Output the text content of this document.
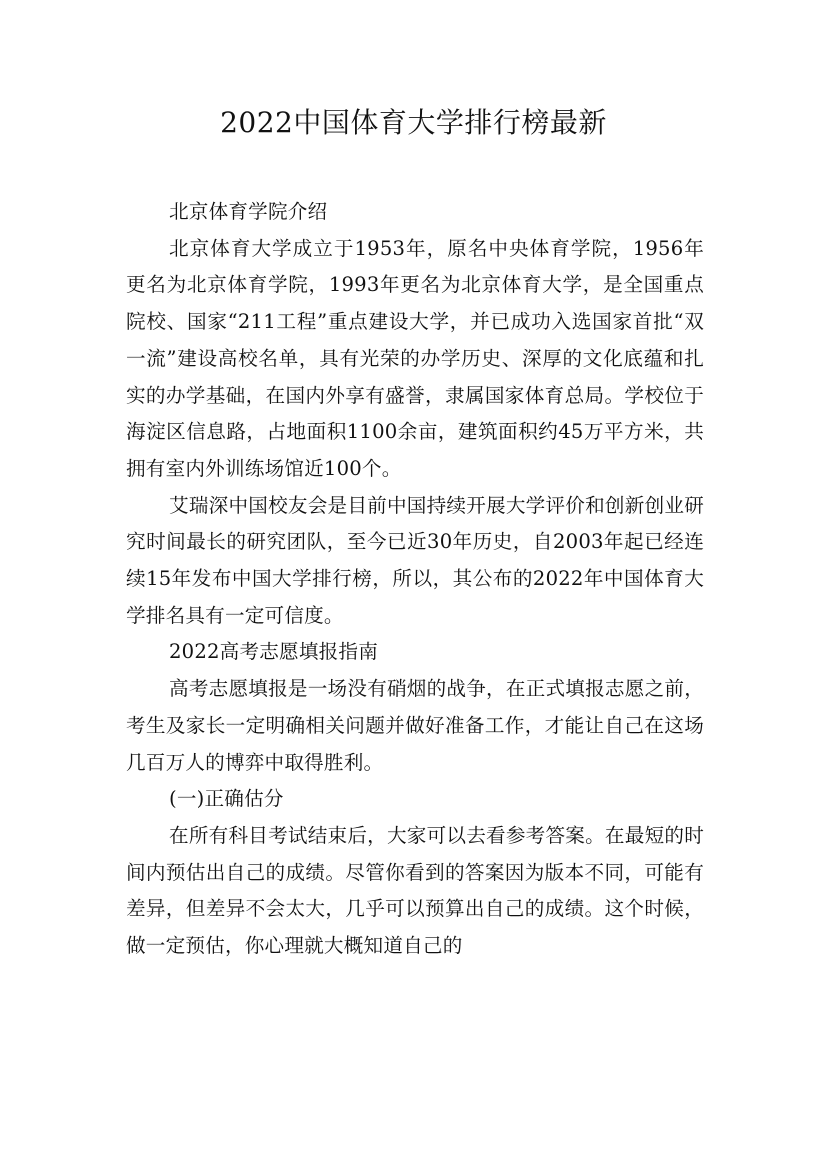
2022中国体育大学排行榜最新

北京体育学院介绍

北京体育大学成立于1953年，原名中央体育学院，1956年更名为北京体育学院，1993年更名为北京体育大学，是全国重点院校、国家“211工程”重点建设大学，并已成功入选国家首批“双一流”建设高校名单，具有光荣的办学历史、深厚的文化底蕴和扎实的办学基础，在国内外享有盛誉，隶属国家体育总局。学校位于海淀区信息路，占地面积1100余亩，建筑面积约45万平方米，共拥有室内外训练场馆近100个。

艾瑞深中国校友会是目前中国持续开展大学评价和创新创业研究时间最长的研究团队，至今已近30年历史，自2003年起已经连续15年发布中国大学排行榜，所以，其公布的2022年中国体育大学排名具有一定可信度。

2022高考志愿填报指南

高考志愿填报是一场没有硝烟的战争，在正式填报志愿之前，考生及家长一定明确相关问题并做好准备工作，才能让自己在这场几百万人的博弈中取得胜利。

(一)正确估分

在所有科目考试结束后，大家可以去看参考答案。在最短的时间内预估出自己的成绩。尽管你看到的答案因为版本不同，可能有差异，但差异不会太大，几乎可以预算出自己的成绩。这个时候，做一定预估，你心理就大概知道自己的
